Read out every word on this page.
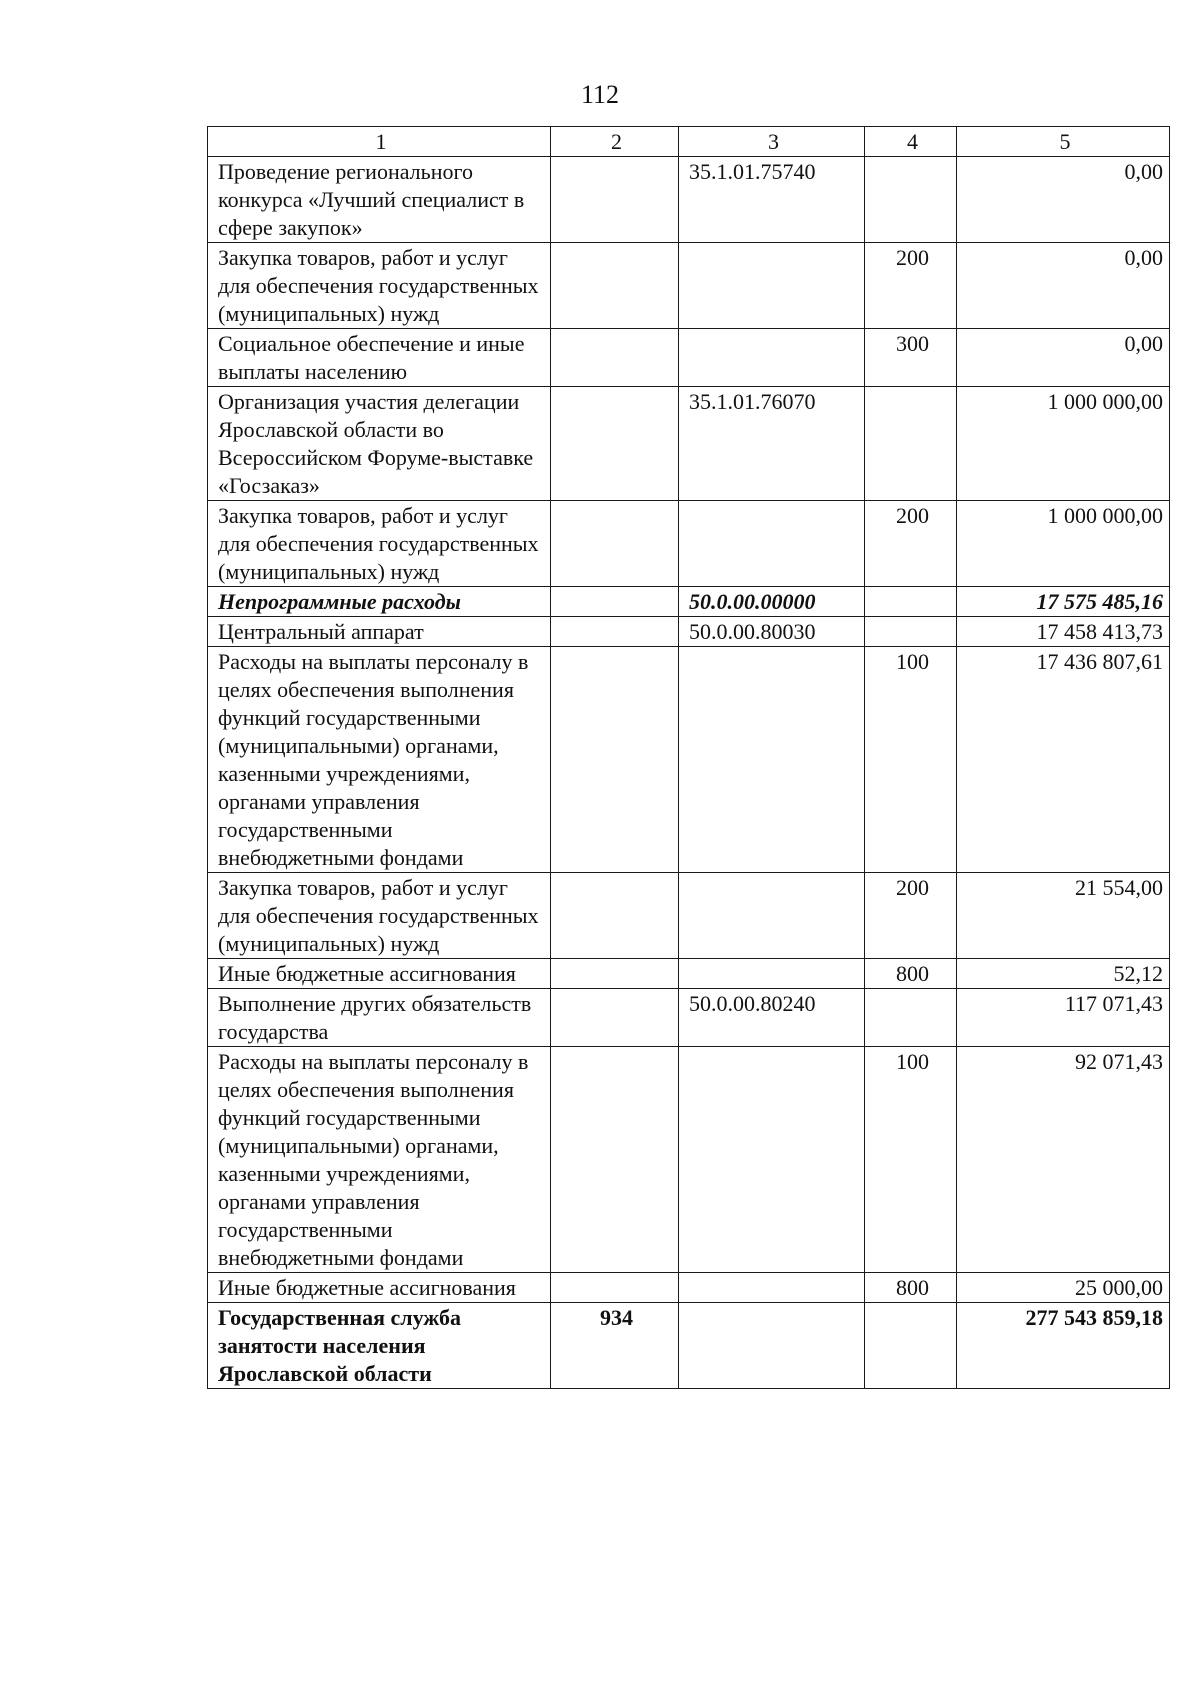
112
1	2	3	4	5
Проведение регионального конкурса «Лучший специалист в сфере закупок»		35.1.01.75740		0,00
Закупка товаров, работ и услуг для обеспечения государственных (муниципальных) нужд			200	0,00
Социальное обеспечение и иные выплаты населению			300	0,00
Организация участия делегации Ярославской области во Всероссийском Форуме-выставке «Госзаказ»		35.1.01.76070		1 000 000,00
Закупка товаров, работ и услуг для обеспечения государственных (муниципальных) нужд			200	1 000 000,00
Непрограммные расходы		50.0.00.00000		17 575 485,16
Центральный аппарат		50.0.00.80030		17 458 413,73
Расходы на выплаты персоналу в целях обеспечения выполнения функций государственными (муниципальными) органами, казенными учреждениями, органами управления государственными внебюджетными фондами			100	17 436 807,61
Закупка товаров, работ и услуг для обеспечения государственных (муниципальных) нужд			200	21 554,00
Иные бюджетные ассигнования			800	52,12
Выполнение других обязательств государства		50.0.00.80240		117 071,43
Расходы на выплаты персоналу в целях обеспечения выполнения функций государственными (муниципальными) органами, казенными учреждениями, органами управления государственными внебюджетными фондами			100	92 071,43
Иные бюджетные ассигнования			800	25 000,00
Государственная служба занятости населения Ярославской области	934			277 543 859,18
